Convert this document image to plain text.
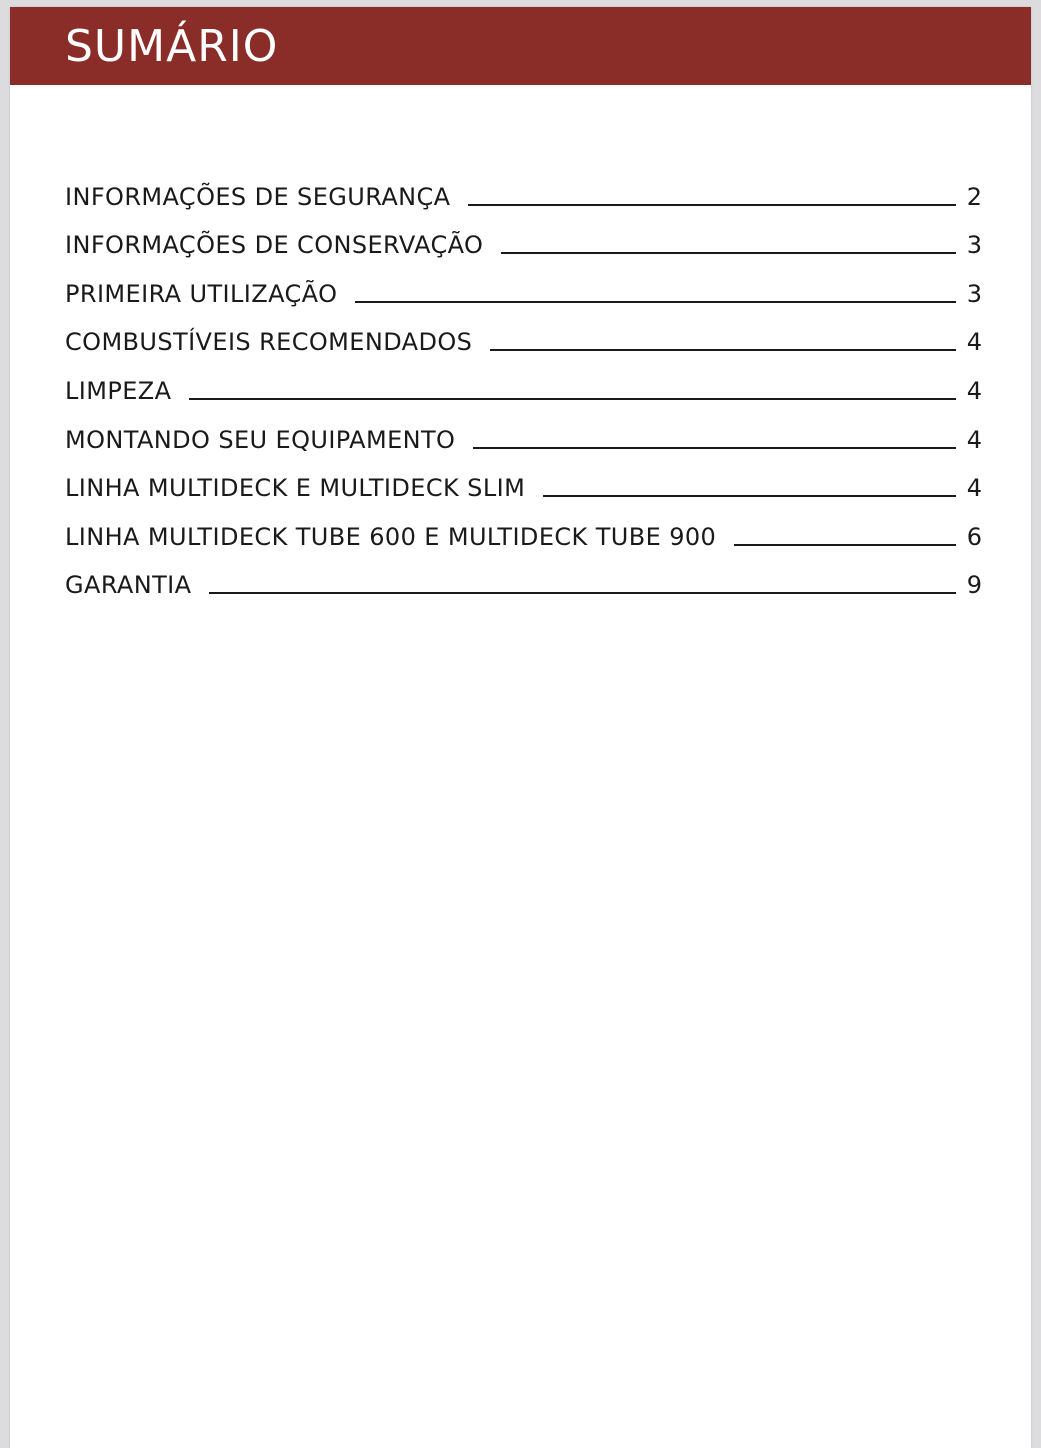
SUMÁRIO
INFORMAÇÕES DE SEGURANÇA	2
INFORMAÇÕES DE CONSERVAÇÃO	3
PRIMEIRA UTILIZAÇÃO	3
COMBUSTÍVEIS RECOMENDADOS	4
LIMPEZA	4
MONTANDO SEU EQUIPAMENTO	4
LINHA MULTIDECK E MULTIDECK SLIM	4
LINHA MULTIDECK TUBE 600 E MULTIDECK TUBE 900	6
GARANTIA	9
